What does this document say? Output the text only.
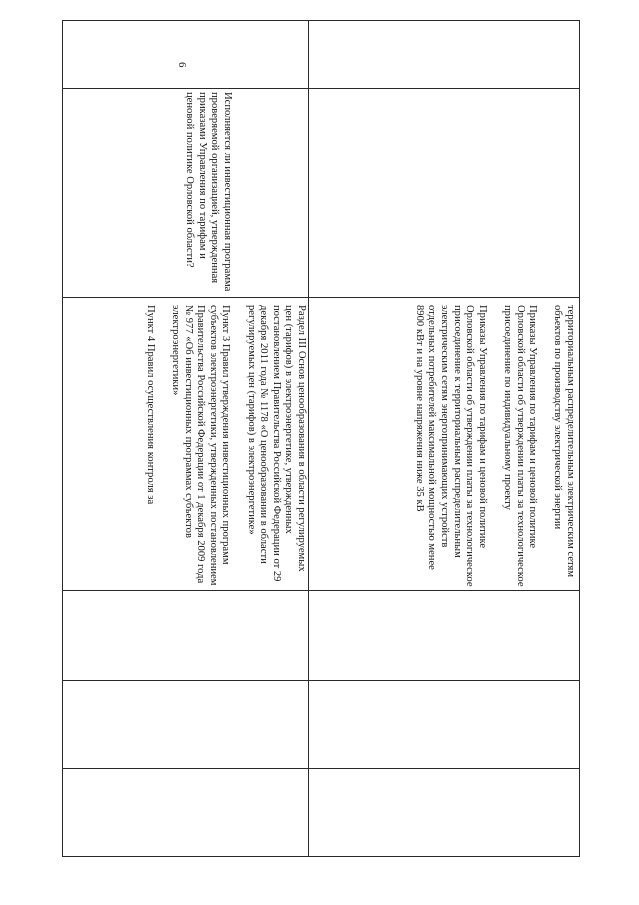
6

Исполняется ли инвестиционная программа проверяемой организацией, утвержденная приказами Управления по тарифам и ценовой политике Орловской области?

территориальным распределительным электрическим сетям объектов по производству электрической энергии

Приказы Управления по тарифам и ценовой политике Орловской области об утверждении платы за технологическое присоединение по индивидуальному проекту

Приказы Управления по тарифам и ценовой политике Орловской области об утверждении платы за технологическое присоединение к территориальным распределительным электрическим сетям энергопринимающих устройств отдельных потребителей максимальной мощностью менее 8900 кВт и на уровне напряжения ниже 35 кВ

Раздел III Основ ценообразования в области регулируемых цен (тарифов) в электроэнергетике, утвержденных постановлением Правительства Российской Федерации от 29 декабря 2011 года № 1178 «О ценообразовании в области регулируемых цен (тарифов) в электроэнергетике»

Пункт 3 Правил утверждения инвестиционных программ субъектов электроэнергетики, утвержденных постановлением Правительства Российской Федерации от 1 декабря 2009 года № 977 «Об инвестиционных программах субъектов электроэнергетики»

Пункт 4 Правил осуществления контроля за
